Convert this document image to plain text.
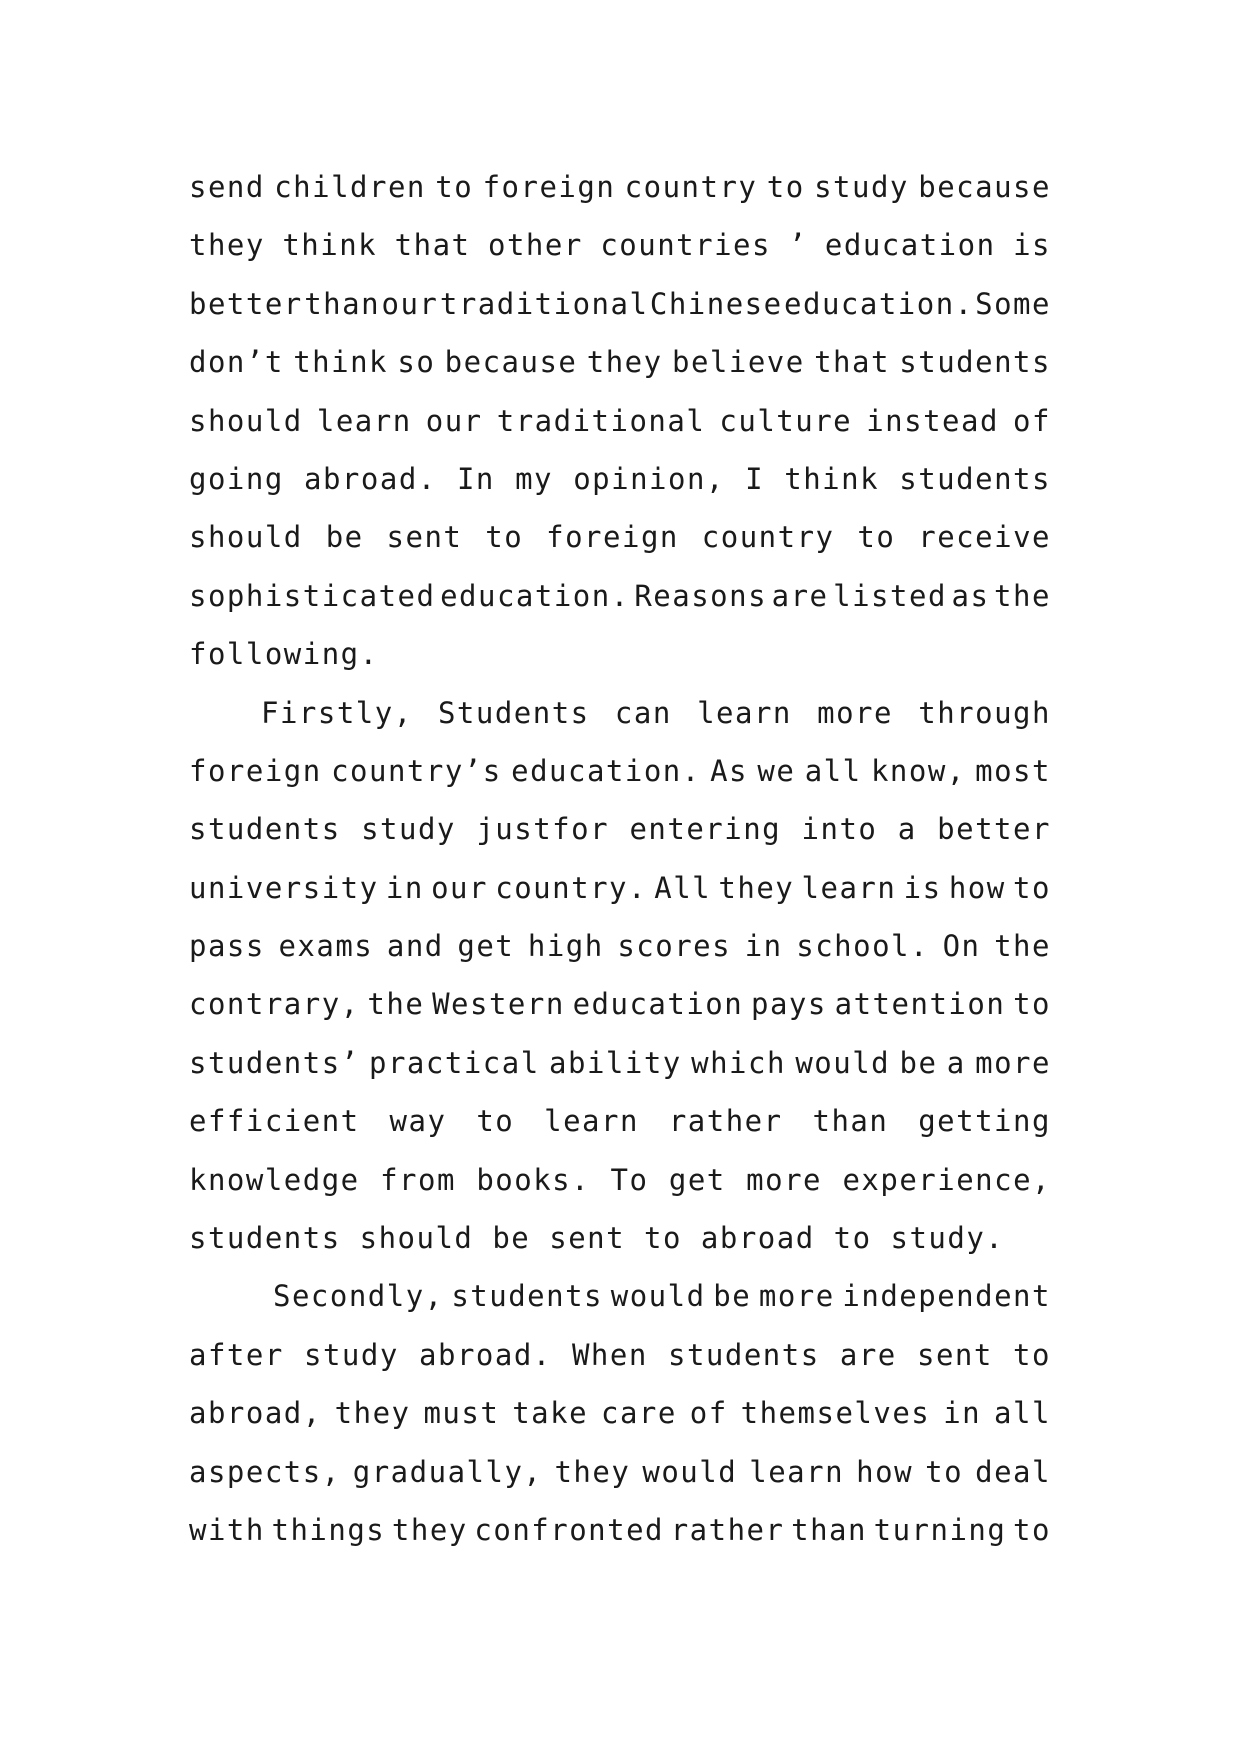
send children to foreign country to study because
they think that other countries ’ education is
better than our traditional Chinese education. Some
don’t think so because they believe that students
should learn our traditional culture instead of
going abroad. In my opinion, I think students
should be sent to foreign country to receive
sophisticated education. Reasons are listed as the
following.
Firstly, Students can learn more through
foreign country’s education. As we all know, most
students study justfor entering into a better
university in our country. All they learn is how to
pass exams and get high scores in school. On the
contrary, the Western education pays attention to
students’ practical ability which would be a more
efficient way to learn rather than getting
knowledge from books. To get more experience,
students should be sent to abroad to study.
Secondly, students would be more independent
after study abroad. When students are sent to
abroad, they must take care of themselves in all
aspects, gradually, they would learn how to deal
with things they confronted rather than turning to
